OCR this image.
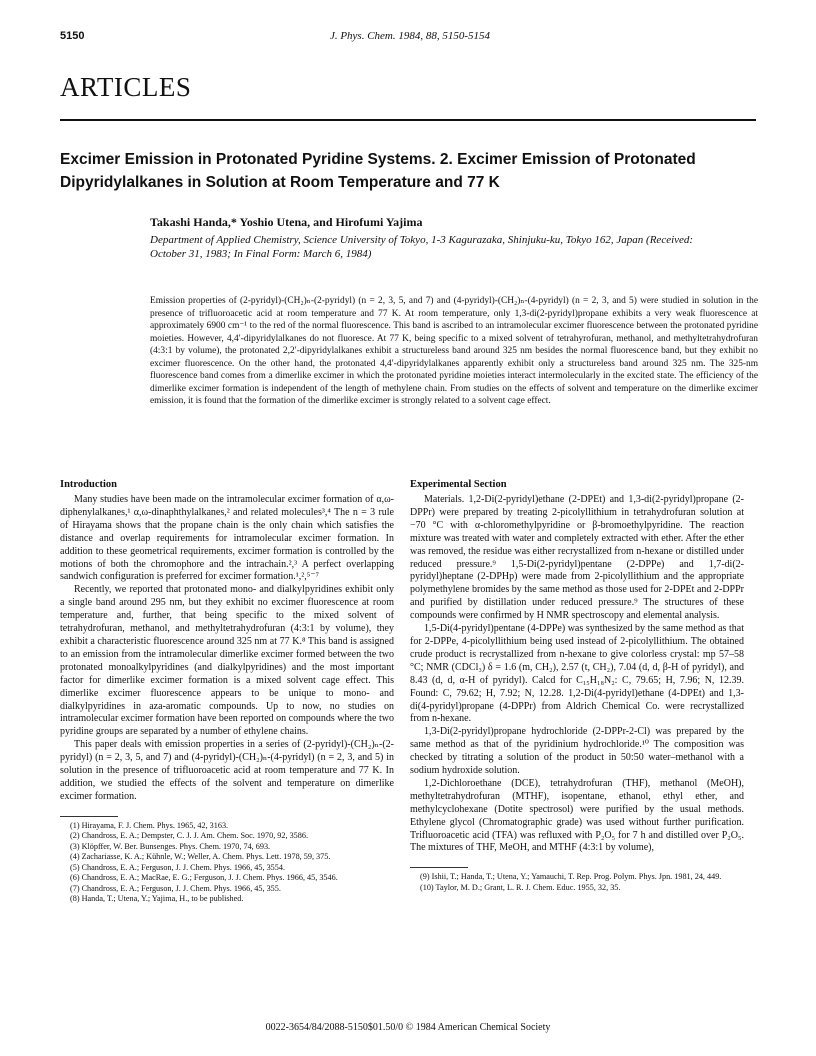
5150	J. Phys. Chem. 1984, 88, 5150-5154
ARTICLES
Excimer Emission in Protonated Pyridine Systems. 2. Excimer Emission of Protonated Dipyridylalkanes in Solution at Room Temperature and 77 K
Takashi Handa,* Yoshio Utena, and Hirofumi Yajima
Department of Applied Chemistry, Science University of Tokyo, 1-3 Kagurazaka, Shinjuku-ku, Tokyo 162, Japan (Received: October 31, 1983; In Final Form: March 6, 1984)

Emission properties of (2-pyridyl)-(CH₂)ₙ-(2-pyridyl) (n = 2, 3, 5, and 7) and (4-pyridyl)-(CH₂)ₙ-(4-pyridyl) (n = 2, 3, and 5) were studied in solution in the presence of trifluoroacetic acid at room temperature and 77 K. At room temperature, only 1,3-di(2-pyridyl)propane exhibits a very weak fluorescence at approximately 6900 cm⁻¹ to the red of the normal fluorescence. This band is ascribed to an intramolecular excimer fluorescence between the protonated pyridine moieties. However, 4,4′-dipyridylalkanes do not fluoresce. At 77 K, being specific to a mixed solvent of tetrahyrofuran, methanol, and methyltetrahydrofuran (4:3:1 by volume), the protonated 2,2′-dipyridylalkanes exhibit a structureless band around 325 nm besides the normal fluorescence band, but they exhibit no excimer fluorescence. On the other hand, the protonated 4,4′-dipyridylalkanes apparently exhibit only a structureless band around 325 nm. The 325-nm fluorescence band comes from a dimerlike excimer in which the protonated pyridine moieties interact intermolecularly in the excited state. The efficiency of the dimerlike excimer formation is independent of the length of methylene chain. From studies on the effects of solvent and temperature on the dimerlike excimer emission, it is found that the formation of the dimerlike excimer is strongly related to a solvent cage effect.

Introduction

Many studies have been made on the intramolecular excimer formation of α,ω-diphenylalkanes,¹ α,ω-dinaphthylalkanes,² and related molecules³,⁴ The n = 3 rule of Hirayama shows that the propane chain is the only chain which satisfies the distance and overlap requirements for intramolecular excimer formation. In addition to these geometrical requirements, excimer formation is controlled by the motions of both the chromophore and the intrachain.²,³ A perfect overlapping sandwich configuration is preferred for excimer formation.¹,²,⁵⁻⁷

Recently, we reported that protonated mono- and dialkylpyridines exhibit only a single band around 295 nm, but they exhibit no excimer fluorescence at room temperature and, further, that being specific to the mixed solvent of tetrahydrofuran, methanol, and methyltetrahydrofuran (4:3:1 by volume), they exhibit a characteristic fluorescence around 325 nm at 77 K.⁸ This band is assigned to an emission from the intramolecular dimerlike excimer formed between the two protonated monoalkylpyridines (and dialkylpyridines) and the most important factor for dimerlike excimer formation is a mixed solvent cage effect. This dimerlike excimer fluorescence appears to be unique to mono- and dialkylpyridines in aza-aromatic compounds. Up to now, no studies on intramolecular excimer formation have been reported on compounds where the two pyridine groups are separated by a number of ethylene chains.

This paper deals with emission properties in a series of (2-pyridyl)-(CH₂)ₙ-(2-pyridyl) (n = 2, 3, 5, and 7) and (4-pyridyl)-(CH₂)ₙ-(4-pyridyl) (n = 2, 3, and 5) in solution in the presence of trifluoroacetic acid at room temperature and 77 K. In addition, we studied the effects of the solvent and temperature on dimerlike excimer formation.

(1) Hirayama, F. J. Chem. Phys. 1965, 42, 3163.
(2) Chandross, E. A.; Dempster, C. J. J. Am. Chem. Soc. 1970, 92, 3586.
(3) Klöpffer, W. Ber. Bunsenges. Phys. Chem. 1970, 74, 693.
(4) Zachariasse, K. A.; Kühnle, W.; Weller, A. Chem. Phys. Lett. 1978, 59, 375.
(5) Chandross, E. A.; Ferguson, J. J. Chem. Phys. 1966, 45, 3554.
(6) Chandross, E. A.; MacRae, E. G.; Ferguson, J. J. Chem. Phys. 1966, 45, 3546.
(7) Chandross, E. A.; Ferguson, J. J. Chem. Phys. 1966, 45, 355.
(8) Handa, T.; Utena, Y.; Yajima, H., to be published.
Experimental Section

Materials. 1,2-Di(2-pyridyl)ethane (2-DPEt) and 1,3-di(2-pyridyl)propane (2-DPPr) were prepared by treating 2-picolyllithium in tetrahydrofuran solution at −70 °C with α-chloromethylpyridine or β-bromoethylpyridine. The reaction mixture was treated with water and completely extracted with ether. After the ether was removed, the residue was either recrystallized from n-hexane or distilled under reduced pressure.⁹ 1,5-Di(2-pyridyl)pentane (2-DPPe) and 1,7-di(2-pyridyl)heptane (2-DPHp) were made from 2-picolyllithium and the appropriate polymethylene bromides by the same method as those used for 2-DPEt and 2-DPPr and purified by distillation under reduced pressure.⁹ The structures of these compounds were confirmed by H NMR spectroscopy and elemental analysis.

1,5-Di(4-pyridyl)pentane (4-DPPe) was synthesized by the same method as that for 2-DPPe, 4-picolyllithium being used instead of 2-picolyllithium. The obtained crude product is recrystallized from n-hexane to give colorless crystal: mp 57–58 °C; NMR (CDCl₃) δ = 1.6 (m, CH₂), 2.57 (t, CH₂), 7.04 (d, d, β-H of pyridyl), and 8.43 (d, d, α-H of pyridyl). Calcd for C₁₅H₁₈N₂: C, 79.65; H, 7.96; N, 12.39. Found: C, 79.62; H, 7.92; N, 12.28. 1,2-Di(4-pyridyl)ethane (4-DPEt) and 1,3-di(4-pyridyl)propane (4-DPPr) from Aldrich Chemical Co. were recrystallized from n-hexane.

1,3-Di(2-pyridyl)propane hydrochloride (2-DPPr-2-Cl) was prepared by the same method as that of the pyridinium hydrochloride.¹⁰ The composition was checked by titrating a solution of the product in 50:50 water–methanol with a sodium hydroxide solution.

1,2-Dichloroethane (DCE), tetrahydrofuran (THF), methanol (MeOH), methyltetrahydrofuran (MTHF), isopentane, ethanol, ethyl ether, and methylcyclohexane (Dotite spectrosol) were purified by the usual methods. Ethylene glycol (Chromatographic grade) was used without further purification. Trifluoroacetic acid (TFA) was refluxed with P₂O₅ for 7 h and distilled over P₂O₅. The mixtures of THF, MeOH, and MTHF (4:3:1 by volume),

(9) Ishii, T.; Handa, T.; Utena, Y.; Yamauchi, T. Rep. Prog. Polym. Phys. Jpn. 1981, 24, 449.
(10) Taylor, M. D.; Grant, L. R. J. Chem. Educ. 1955, 32, 35.
0022-3654/84/2088-5150$01.50/0 © 1984 American Chemical Society
